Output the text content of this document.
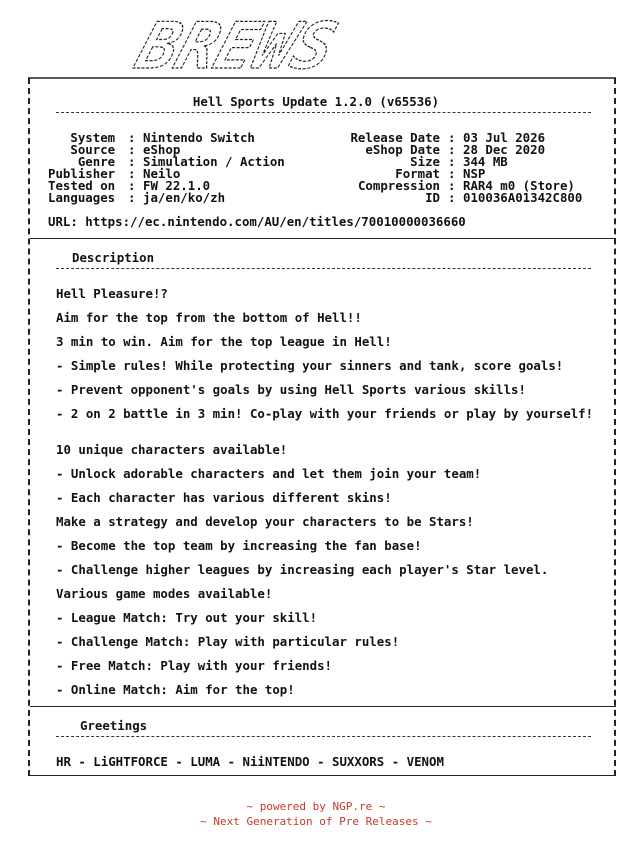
BREWS
Hell Sports Update 1.2.0 (v65536)
URL: https://ec.nintendo.com/AU/en/titles/70010000036660
Description
Greetings
HR - LiGHTFORCE - LUMA - NiiNTENDO - SUXXORS - VENOM
~ powered by NGP.re ~
~ Next Generation of Pre Releases ~
System : Nintendo Switch
Source : eShop
Genre : Simulation / Action
Publisher : Neilo
Tested on : FW 22.1.0
Languages : ja/en/ko/zh
Release Date : 03 Jul 2026
eShop Date : 28 Dec 2020
Size : 344 MB
Format : NSP
Compression : RAR4 m0 (Store)
ID : 010036A01342C800
Hell Pleasure!?
Aim for the top from the bottom of Hell!!
3 min to win. Aim for the top league in Hell!
- Simple rules! While protecting your sinners and tank, score goals!
- Prevent opponent's goals by using Hell Sports various skills!
- 2 on 2 battle in 3 min! Co-play with your friends or play by yourself!
10 unique characters available!
- Unlock adorable characters and let them join your team!
- Each character has various different skins!
Make a strategy and develop your characters to be Stars!
- Become the top team by increasing the fan base!
- Challenge higher leagues by increasing each player's Star level.
Various game modes available!
- League Match: Try out your skill!
- Challenge Match: Play with particular rules!
- Free Match: Play with your friends!
- Online Match: Aim for the top!
